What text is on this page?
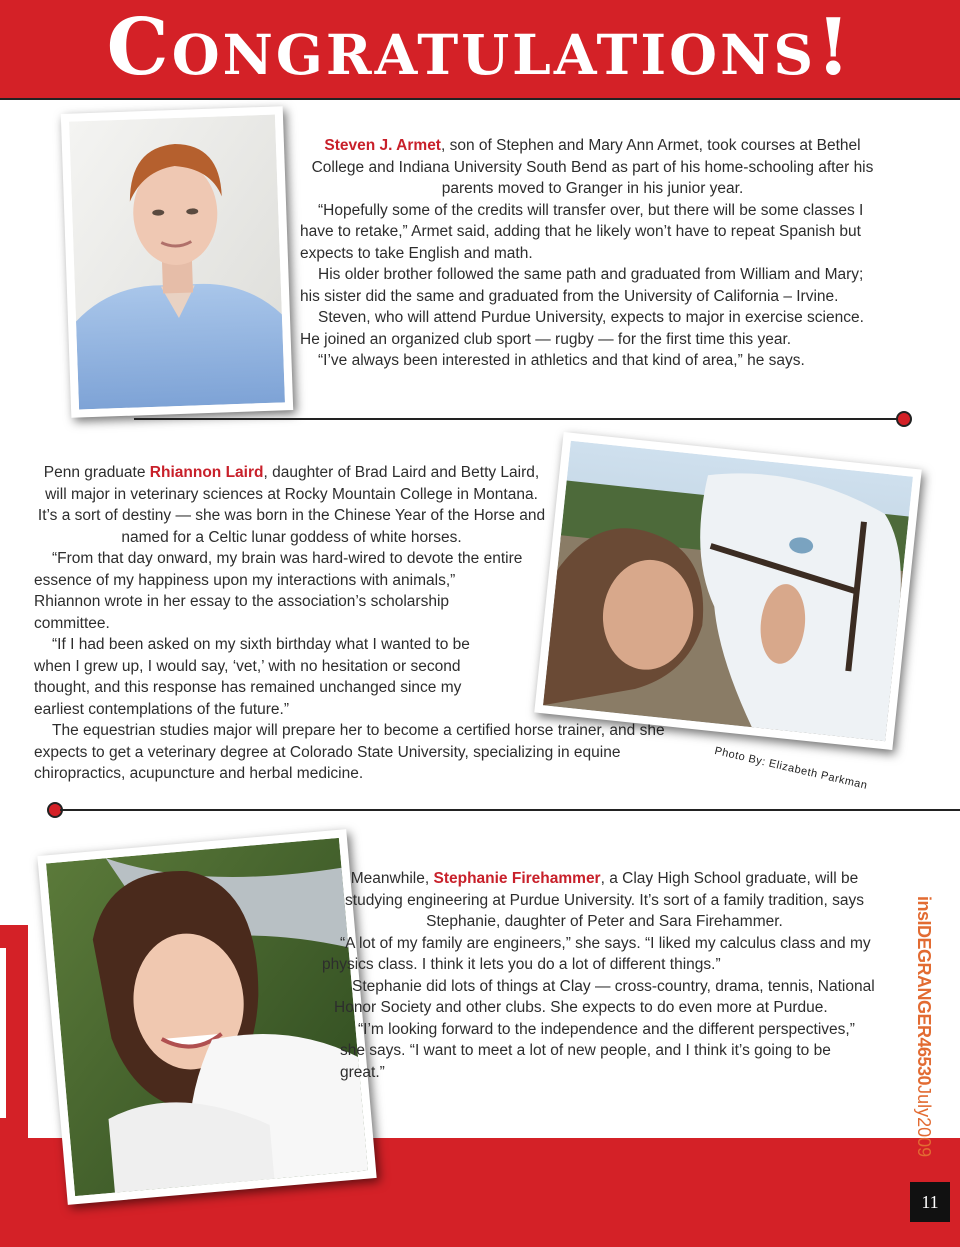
Congratulations!
11

Steven J. Armet, son of Stephen and Mary Ann Armet, took courses at Bethel College and Indiana University South Bend as part of his home-schooling after his parents moved to Granger in his junior year.

“Hopefully some of the credits will transfer over, but there will be some classes I have to retake,” Armet said, adding that he likely won’t have to repeat Spanish but expects to take English and math.

His older brother followed the same path and graduated from William and Mary; his sister did the same and graduated from the University of California – Irvine.

Steven, who will attend Purdue University, expects to major in exercise science. He joined an organized club sport — rugby — for the first time this year.

“I’ve always been interested in athletics and that kind of area,” he says.

Penn graduate Rhiannon Laird, daughter of Brad Laird and Betty Laird, will major in veterinary sciences at Rocky Mountain College in Montana. It’s a sort of destiny — she was born in the Chinese Year of the Horse and named for a Celtic lunar goddess of white horses.

“From that day onward, my brain was hard-wired to devote the entire essence of my happiness upon my interactions with animals,” Rhiannon wrote in her essay to the association’s scholarship committee.

“If I had been asked on my sixth birthday what I wanted to be when I grew up, I would say, ‘vet,’ with no hesitation or second thought, and this response has remained unchanged since my earliest contemplations of the future.”

The equestrian studies major will prepare her to become a certified horse trainer, and she expects to get a veterinary degree at Colorado State University, specializing in equine chiropractics, acupuncture and herbal medicine.	Photo By: Elizabeth Parkman

Meanwhile, Stephanie Firehammer, a Clay High School graduate, will be studying engineering at Purdue University. It’s sort of a family tradition, says Stephanie, daughter of Peter and Sara Firehammer.

“A lot of my family are engineers,” she says. “I liked my calculus class and my physics class. I think it lets you do a lot of different things.”

Stephanie did lots of things at Clay — cross-country, drama, tennis, National Honor Society and other clubs. She expects to do even more at Purdue.

“I’m looking forward to the independence and the different perspectives,” she says. “I want to meet a lot of new people, and I think it’s going to be great.”	insIDEGRANGER46530July2009
